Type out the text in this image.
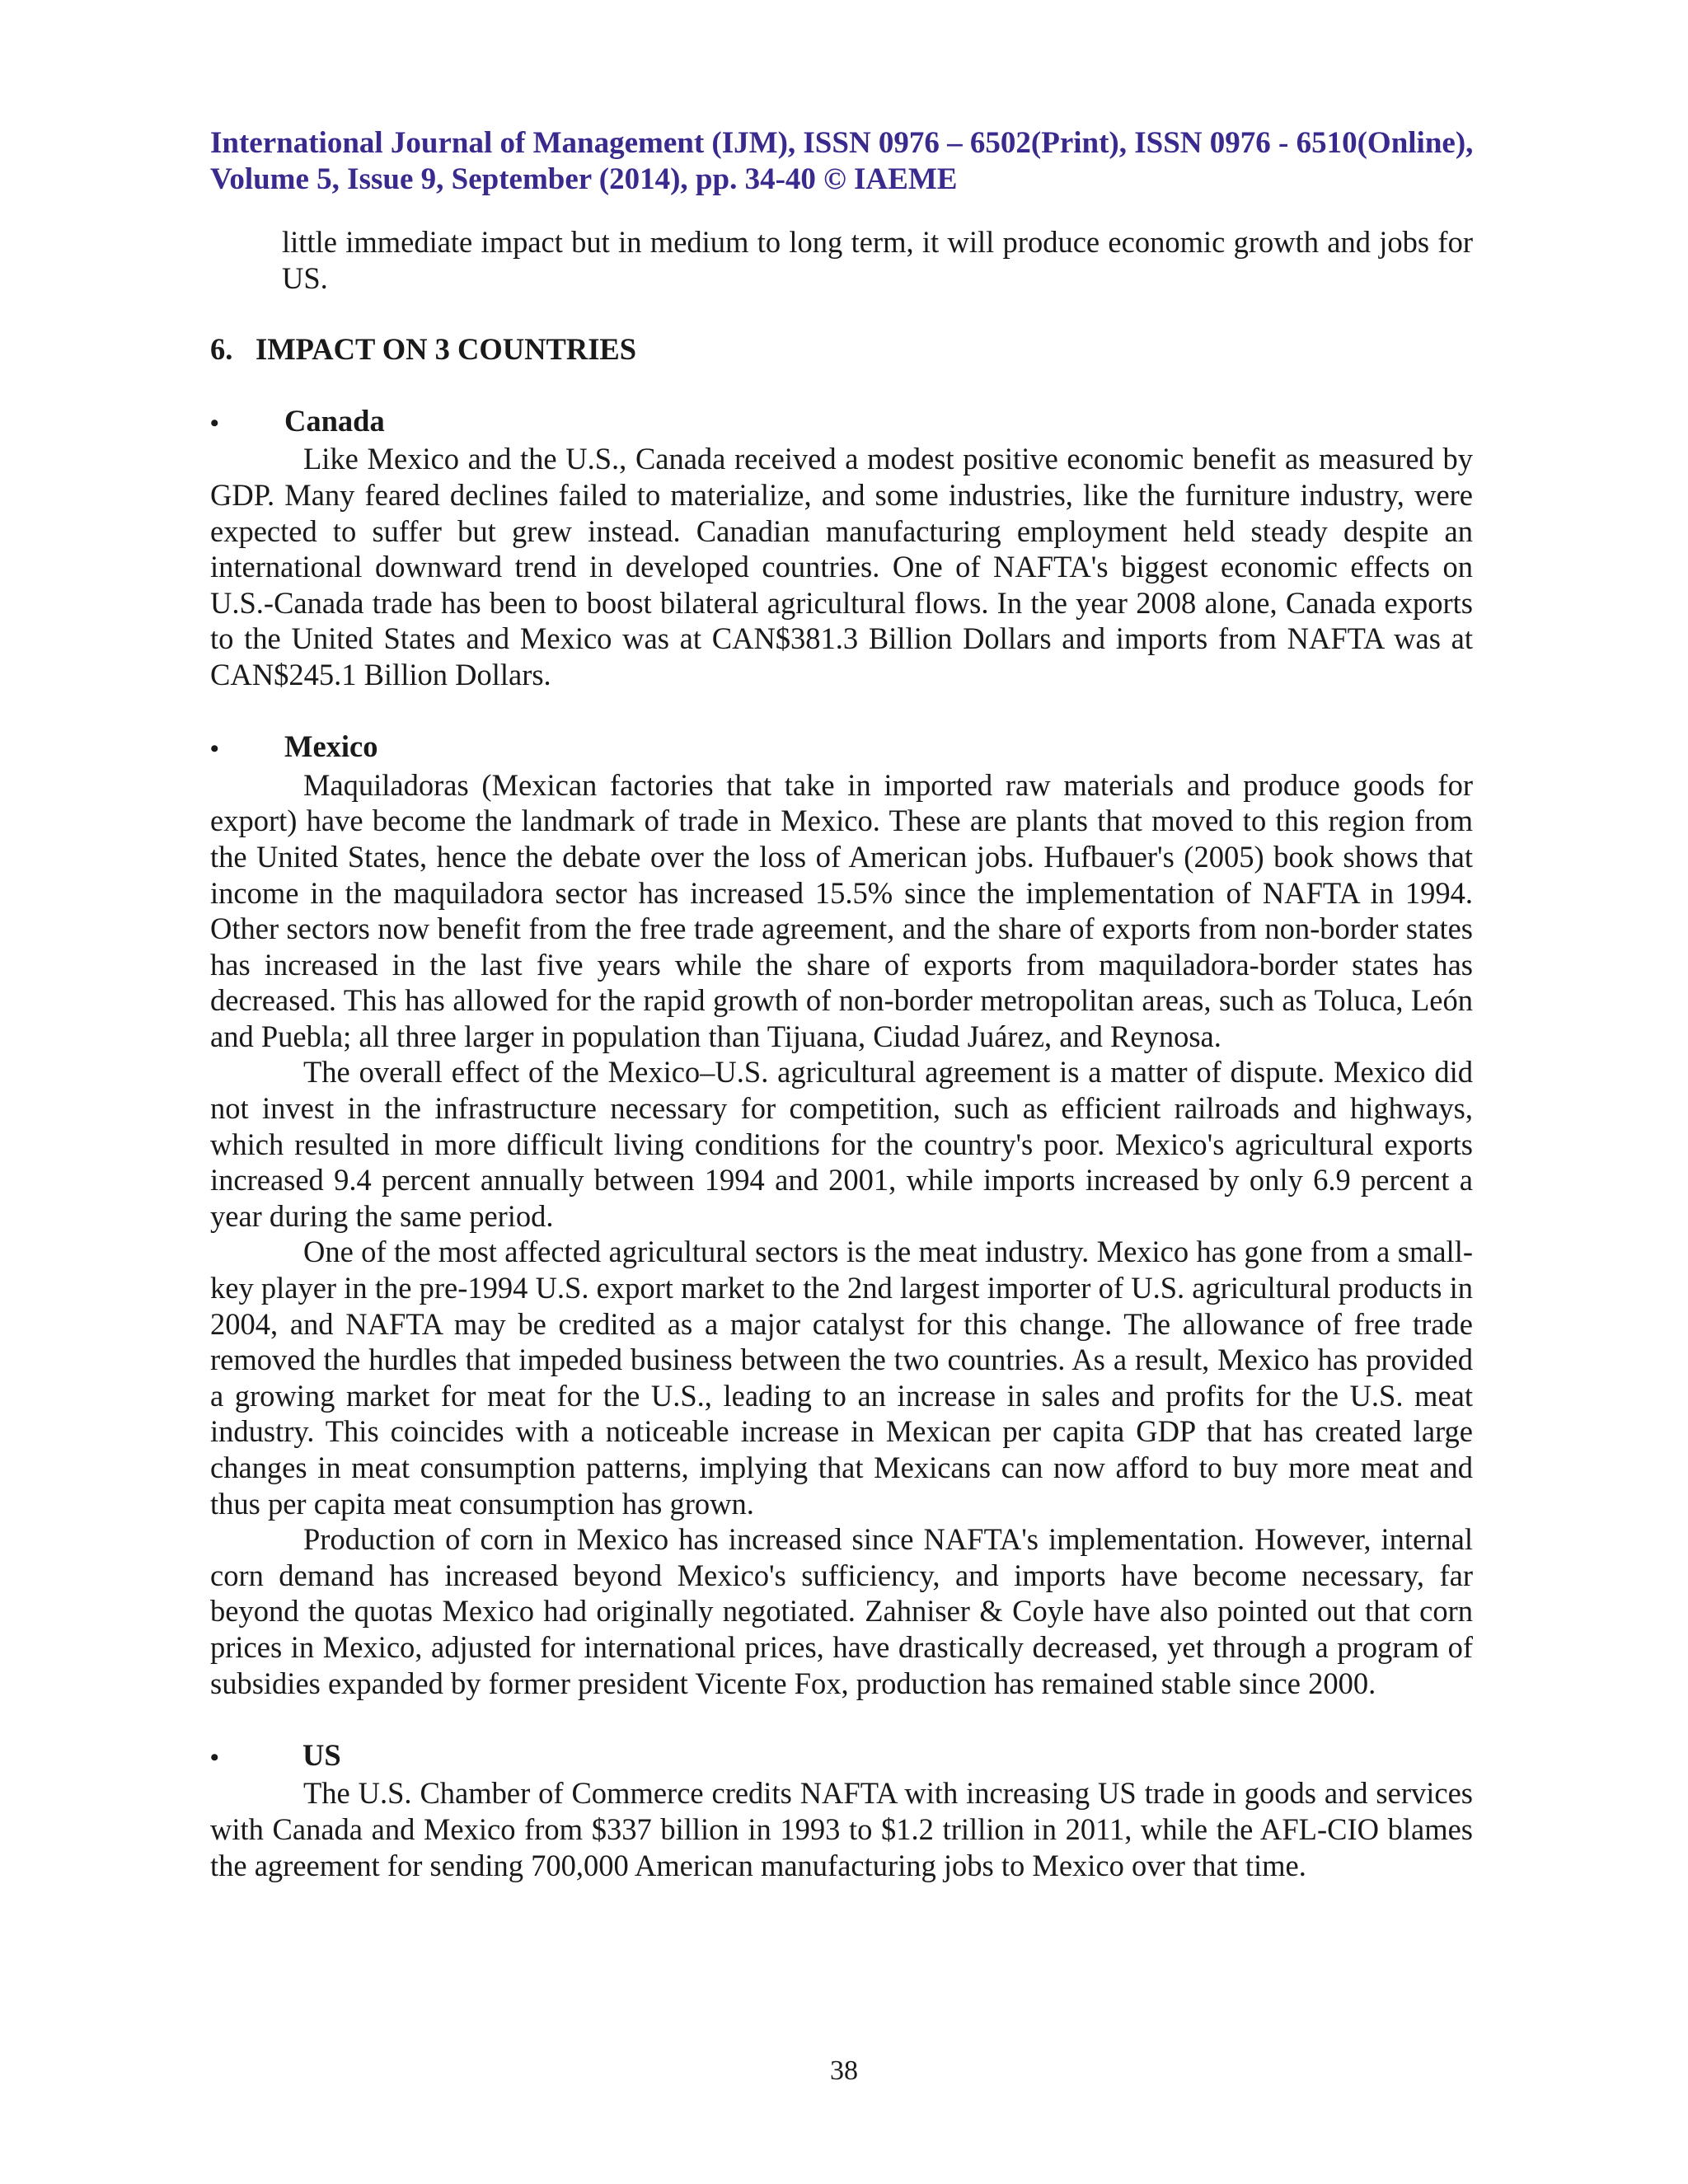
International Journal of Management (IJM), ISSN 0976 – 6502(Print), ISSN 0976 - 6510(Online),
Volume 5, Issue 9, September (2014), pp. 34-40 © IAEME

little immediate impact but in medium to long term, it will produce economic growth and jobs for US.

6. IMPACT ON 3 COUNTRIES
•	Canada

Like Mexico and the U.S., Canada received a modest positive economic benefit as measured by GDP. Many feared declines failed to materialize, and some industries, like the furniture industry, were expected to suffer but grew instead. Canadian manufacturing employment held steady despite an international downward trend in developed countries. One of NAFTA's biggest economic effects on U.S.-Canada trade has been to boost bilateral agricultural flows. In the year 2008 alone, Canada exports to the United States and Mexico was at CAN$381.3 Billion Dollars and imports from NAFTA was at CAN$245.1 Billion Dollars.

•	Mexico

Maquiladoras (Mexican factories that take in imported raw materials and produce goods for export) have become the landmark of trade in Mexico. These are plants that moved to this region from the United States, hence the debate over the loss of American jobs. Hufbauer's (2005) book shows that income in the maquiladora sector has increased 15.5% since the implementation of NAFTA in 1994. Other sectors now benefit from the free trade agreement, and the share of exports from non-border states has increased in the last five years while the share of exports from maquiladora-border states has decreased. This has allowed for the rapid growth of non-border metropolitan areas, such as Toluca, León and Puebla; all three larger in population than Tijuana, Ciudad Juárez, and Reynosa.

The overall effect of the Mexico–U.S. agricultural agreement is a matter of dispute. Mexico did not invest in the infrastructure necessary for competition, such as efficient railroads and highways, which resulted in more difficult living conditions for the country's poor. Mexico's agricultural exports increased 9.4 percent annually between 1994 and 2001, while imports increased by only 6.9 percent a year during the same period.

One of the most affected agricultural sectors is the meat industry. Mexico has gone from a small-key player in the pre-1994 U.S. export market to the 2nd largest importer of U.S. agricultural products in 2004, and NAFTA may be credited as a major catalyst for this change. The allowance of free trade removed the hurdles that impeded business between the two countries. As a result, Mexico has provided a growing market for meat for the U.S., leading to an increase in sales and profits for the U.S. meat industry. This coincides with a noticeable increase in Mexican per capita GDP that has created large changes in meat consumption patterns, implying that Mexicans can now afford to buy more meat and thus per capita meat consumption has grown.

Production of corn in Mexico has increased since NAFTA's implementation. However, internal corn demand has increased beyond Mexico's sufficiency, and imports have become necessary, far beyond the quotas Mexico had originally negotiated. Zahniser & Coyle have also pointed out that corn prices in Mexico, adjusted for international prices, have drastically decreased, yet through a program of subsidies expanded by former president Vicente Fox, production has remained stable since 2000.

•	US

The U.S. Chamber of Commerce credits NAFTA with increasing US trade in goods and services with Canada and Mexico from $337 billion in 1993 to $1.2 trillion in 2011, while the AFL-CIO blames the agreement for sending 700,000 American manufacturing jobs to Mexico over that time.

38
